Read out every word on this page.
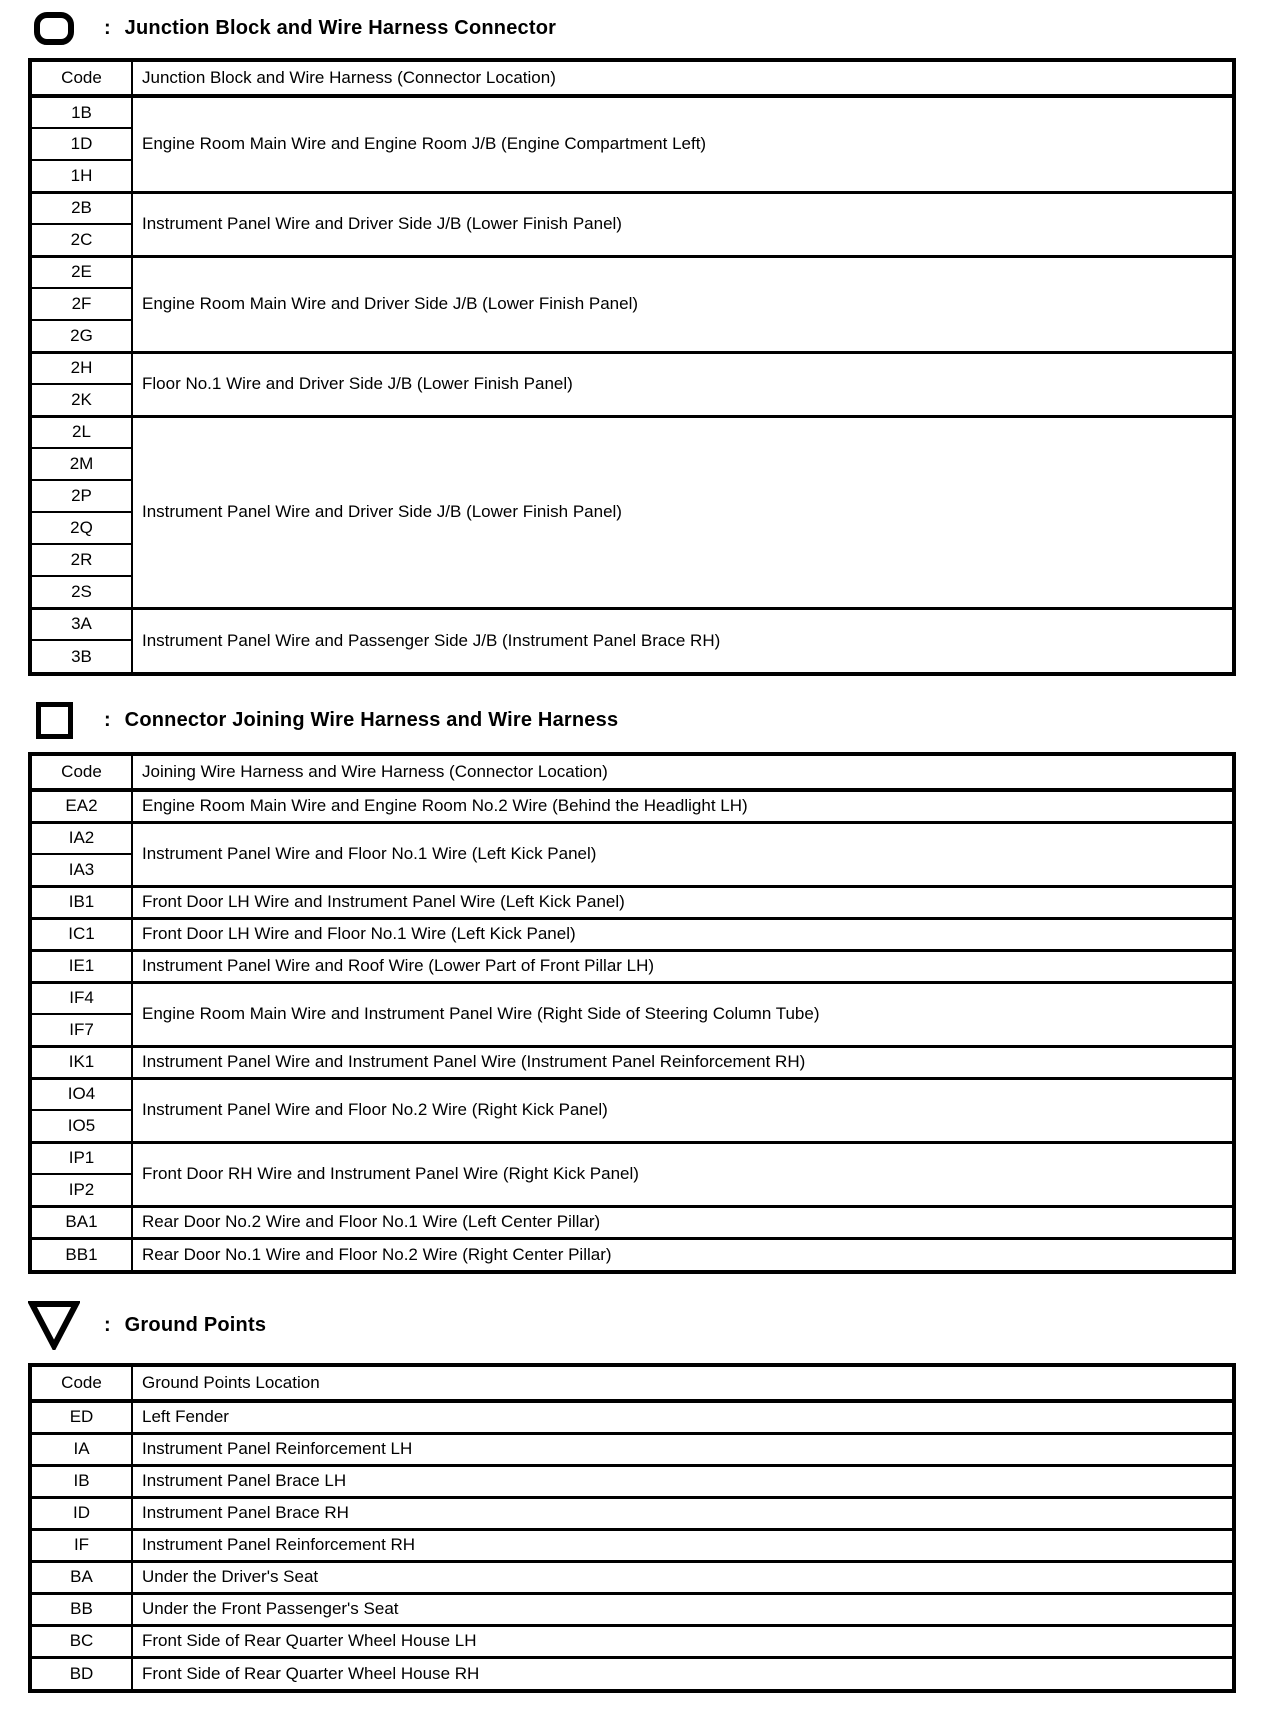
: Junction Block and Wire Harness Connector
Code	Junction Block and Wire Harness (Connector Location)
1B	Engine Room Main Wire and Engine Room J/B (Engine Compartment Left)
1D	
1H	
2B	Instrument Panel Wire and Driver Side J/B (Lower Finish Panel)
2C	
2E	Engine Room Main Wire and Driver Side J/B (Lower Finish Panel)
2F	
2G	
2H	Floor No.1 Wire and Driver Side J/B (Lower Finish Panel)
2K	
2L	Instrument Panel Wire and Driver Side J/B (Lower Finish Panel)
2M	
2P	
2Q	
2R	
2S	
3A	Instrument Panel Wire and Passenger Side J/B (Instrument Panel Brace RH)
3B	
: Connector Joining Wire Harness and Wire Harness
Code	Joining Wire Harness and Wire Harness (Connector Location)
EA2	Engine Room Main Wire and Engine Room No.2 Wire (Behind the Headlight LH)
IA2	Instrument Panel Wire and Floor No.1 Wire (Left Kick Panel)
IA3	
IB1	Front Door LH Wire and Instrument Panel Wire (Left Kick Panel)
IC1	Front Door LH Wire and Floor No.1 Wire (Left Kick Panel)
IE1	Instrument Panel Wire and Roof Wire (Lower Part of Front Pillar LH)
IF4	Engine Room Main Wire and Instrument Panel Wire (Right Side of Steering Column Tube)
IF7	
IK1	Instrument Panel Wire and Instrument Panel Wire (Instrument Panel Reinforcement RH)
IO4	Instrument Panel Wire and Floor No.2 Wire (Right Kick Panel)
IO5	
IP1	Front Door RH Wire and Instrument Panel Wire (Right Kick Panel)
IP2	
BA1	Rear Door No.2 Wire and Floor No.1 Wire (Left Center Pillar)
BB1	Rear Door No.1 Wire and Floor No.2 Wire (Right Center Pillar)
: Ground Points
Code	Ground Points Location
ED	Left Fender
IA	Instrument Panel Reinforcement LH
IB	Instrument Panel Brace LH
ID	Instrument Panel Brace RH
IF	Instrument Panel Reinforcement RH
BA	Under the Driver's Seat
BB	Under the Front Passenger's Seat
BC	Front Side of Rear Quarter Wheel House LH
BD	Front Side of Rear Quarter Wheel House RH
